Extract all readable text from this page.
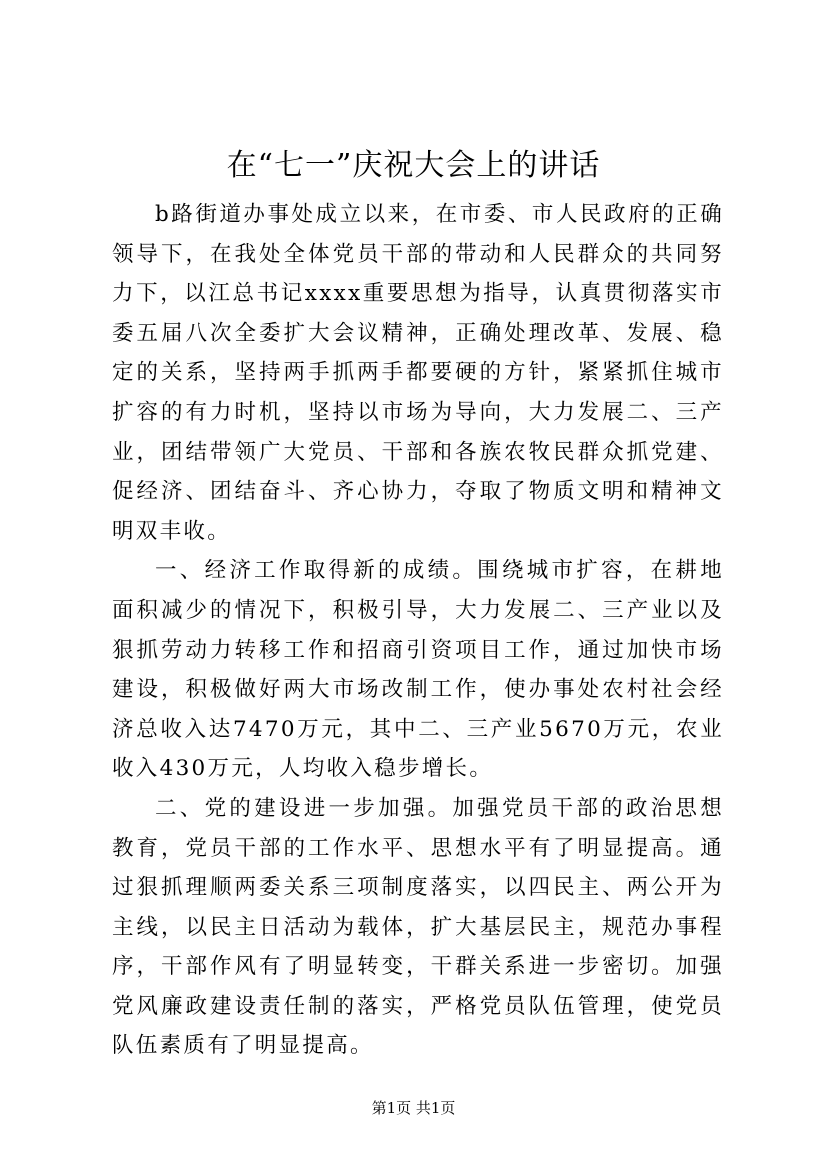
在“七一”庆祝大会上的讲话

b路街道办事处成立以来，在市委、市人民政府的正确领导下，在我处全体党员干部的带动和人民群众的共同努力下，以江总书记xxxx重要思想为指导，认真贯彻落实市委五届八次全委扩大会议精神，正确处理改革、发展、稳定的关系，坚持两手抓两手都要硬的方针，紧紧抓住城市扩容的有力时机，坚持以市场为导向，大力发展二、三产业，团结带领广大党员、干部和各族农牧民群众抓党建、促经济、团结奋斗、齐心协力，夺取了物质文明和精神文明双丰收。

一、经济工作取得新的成绩。围绕城市扩容，在耕地面积减少的情况下，积极引导，大力发展二、三产业以及狠抓劳动力转移工作和招商引资项目工作，通过加快市场建设，积极做好两大市场改制工作，使办事处农村社会经济总收入达7470万元，其中二、三产业5670万元，农业收入430万元，人均收入稳步增长。

二、党的建设进一步加强。加强党员干部的政治思想教育，党员干部的工作水平、思想水平有了明显提高。通过狠抓理顺两委关系三项制度落实，以四民主、两公开为主线，以民主日活动为载体，扩大基层民主，规范办事程序，干部作风有了明显转变，干群关系进一步密切。加强党风廉政建设责任制的落实，严格党员队伍管理，使党员队伍素质有了明显提高。

第1页 共1页
